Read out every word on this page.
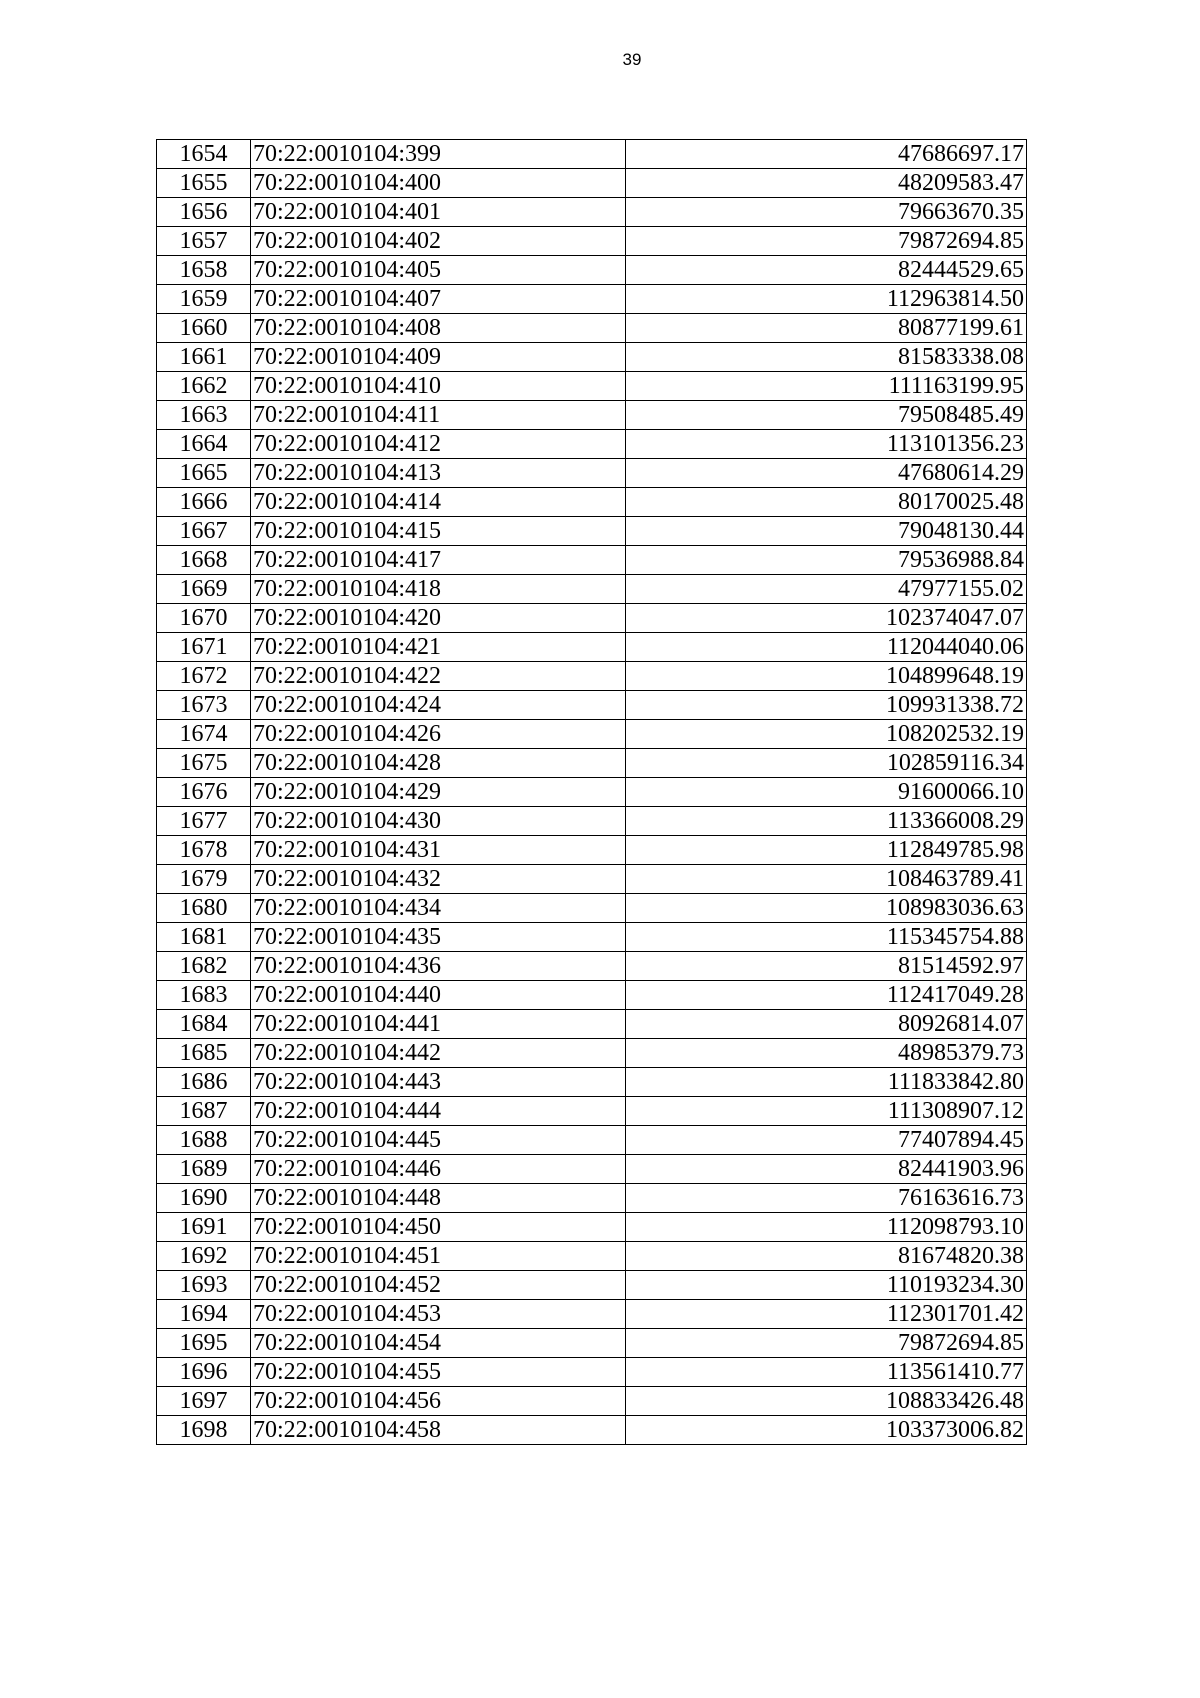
39
1654	70:22:0010104:399	47686697.17
1655	70:22:0010104:400	48209583.47
1656	70:22:0010104:401	79663670.35
1657	70:22:0010104:402	79872694.85
1658	70:22:0010104:405	82444529.65
1659	70:22:0010104:407	112963814.50
1660	70:22:0010104:408	80877199.61
1661	70:22:0010104:409	81583338.08
1662	70:22:0010104:410	111163199.95
1663	70:22:0010104:411	79508485.49
1664	70:22:0010104:412	113101356.23
1665	70:22:0010104:413	47680614.29
1666	70:22:0010104:414	80170025.48
1667	70:22:0010104:415	79048130.44
1668	70:22:0010104:417	79536988.84
1669	70:22:0010104:418	47977155.02
1670	70:22:0010104:420	102374047.07
1671	70:22:0010104:421	112044040.06
1672	70:22:0010104:422	104899648.19
1673	70:22:0010104:424	109931338.72
1674	70:22:0010104:426	108202532.19
1675	70:22:0010104:428	102859116.34
1676	70:22:0010104:429	91600066.10
1677	70:22:0010104:430	113366008.29
1678	70:22:0010104:431	112849785.98
1679	70:22:0010104:432	108463789.41
1680	70:22:0010104:434	108983036.63
1681	70:22:0010104:435	115345754.88
1682	70:22:0010104:436	81514592.97
1683	70:22:0010104:440	112417049.28
1684	70:22:0010104:441	80926814.07
1685	70:22:0010104:442	48985379.73
1686	70:22:0010104:443	111833842.80
1687	70:22:0010104:444	111308907.12
1688	70:22:0010104:445	77407894.45
1689	70:22:0010104:446	82441903.96
1690	70:22:0010104:448	76163616.73
1691	70:22:0010104:450	112098793.10
1692	70:22:0010104:451	81674820.38
1693	70:22:0010104:452	110193234.30
1694	70:22:0010104:453	112301701.42
1695	70:22:0010104:454	79872694.85
1696	70:22:0010104:455	113561410.77
1697	70:22:0010104:456	108833426.48
1698	70:22:0010104:458	103373006.82
